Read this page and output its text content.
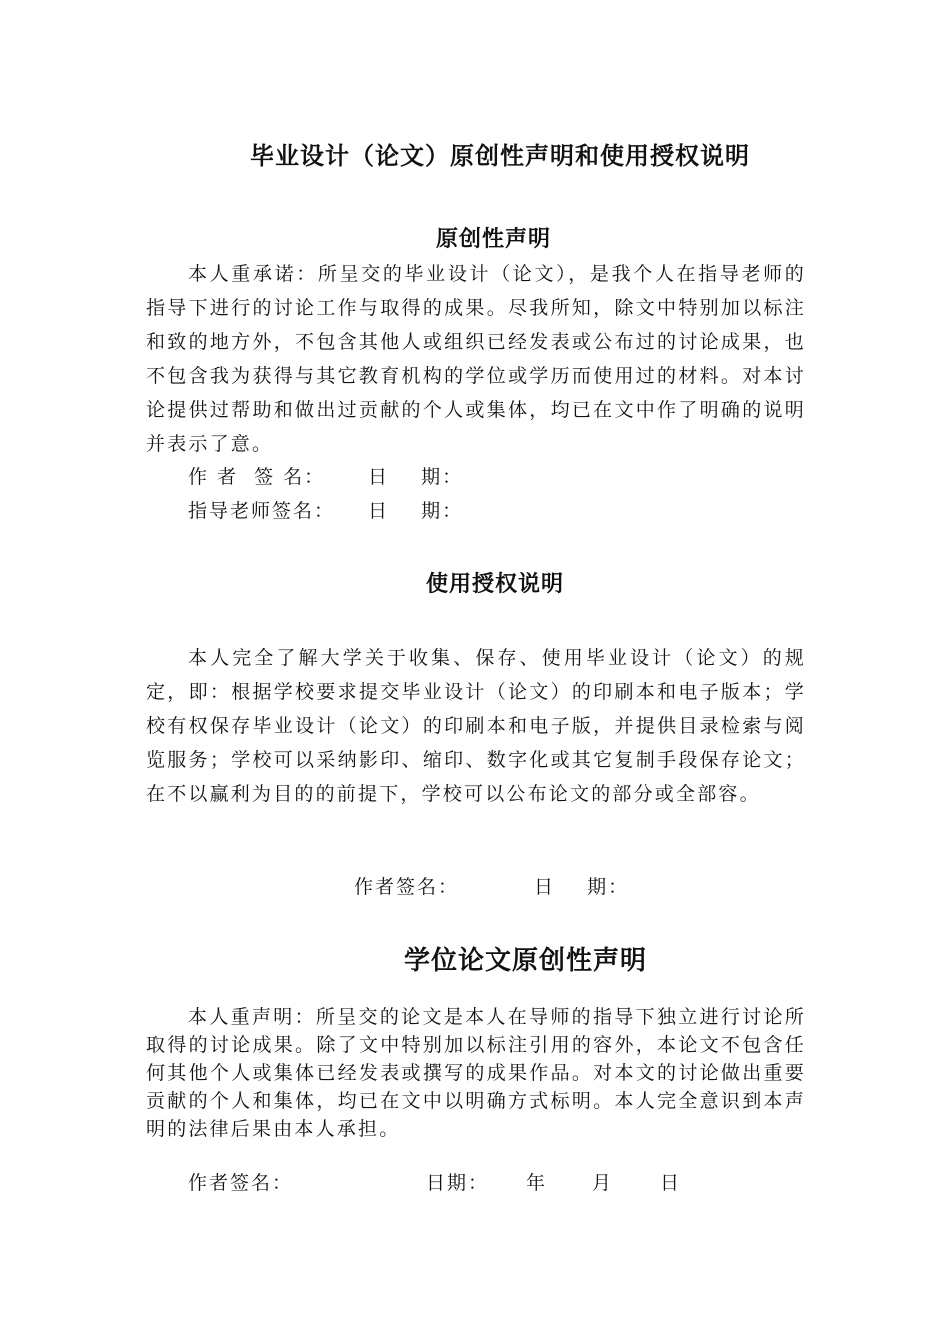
毕业设计（论文）原创性声明和使用授权说明
原创性声明
本人重承诺：所呈交的毕业设计（论文），是我个人在指导老师的指导下进行的讨论工作与取得的成果。尽我所知，除文中特别加以标注和致的地方外，不包含其他人或组织已经发表或公布过的讨论成果，也不包含我为获得与其它教育机构的学位或学历而使用过的材料。对本讨论提供过帮助和做出过贡献的个人或集体，均已在文中作了明确的说明并表示了意。
作 者  签 名： 日    期：
指导老师签名： 日    期：
使用授权说明
本人完全了解大学关于收集、保存、使用毕业设计（论文）的规定，即：根据学校要求提交毕业设计（论文）的印刷本和电子版本；学校有权保存毕业设计（论文）的印刷本和电子版，并提供目录检索与阅览服务；学校可以采纳影印、缩印、数字化或其它复制手段保存论文；在不以赢利为目的的前提下，学校可以公布论文的部分或全部容。
作者签名：	日    期：
学位论文原创性声明
本人重声明：所呈交的论文是本人在导师的指导下独立进行讨论所取得的讨论成果。除了文中特别加以标注引用的容外，本论文不包含任何其他个人或集体已经发表或撰写的成果作品。对本文的讨论做出重要贡献的个人和集体，均已在文中以明确方式标明。本人完全意识到本声明的法律后果由本人承担。
作者签名：	日期： 年 月 日
